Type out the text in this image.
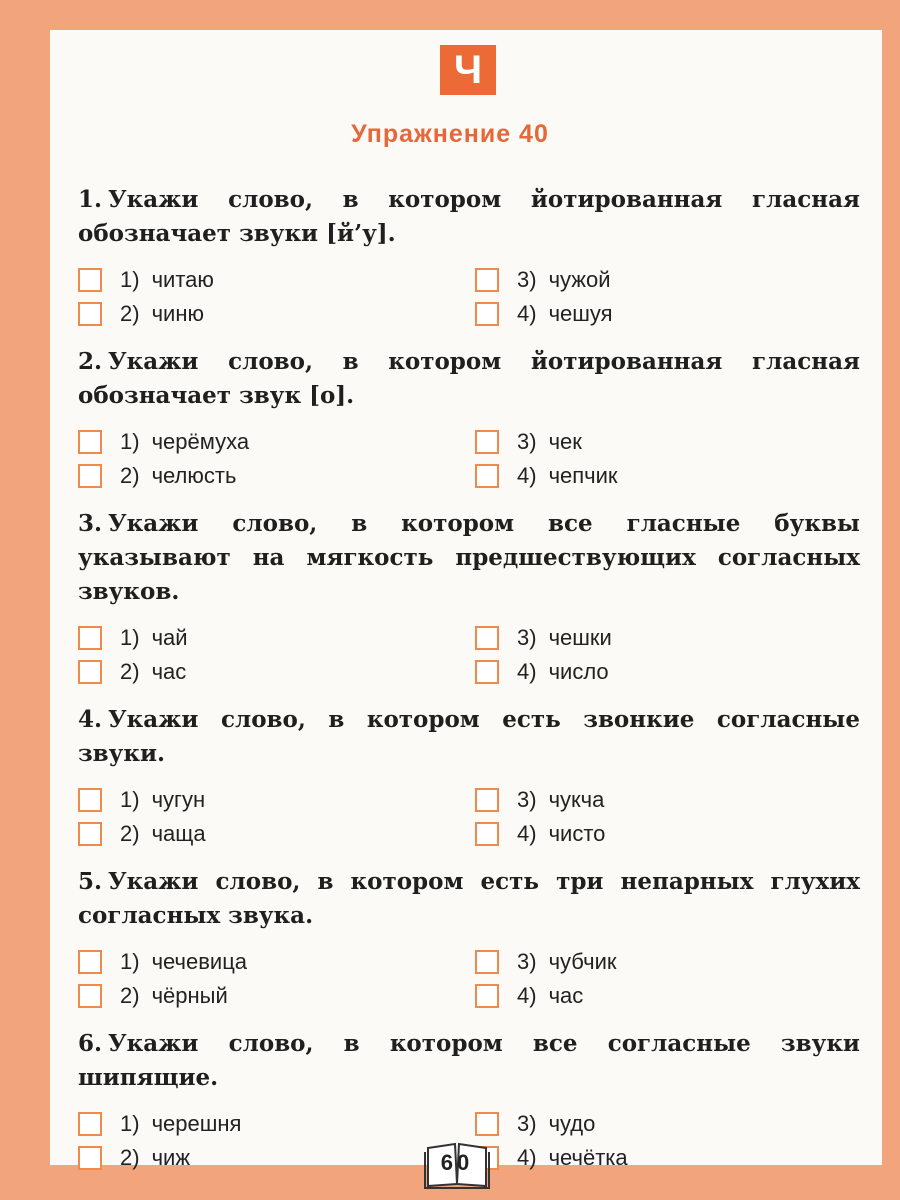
Ч
Упражнение 40
1. Укажи слово, в котором йотированная гласная обозначает звуки [й’у].
1) читаю	3) чужой
2) чиню	4) чешуя
2. Укажи слово, в котором йотированная гласная обозначает звук [о].
1) черёмуха	3) чек
2) челюсть	4) чепчик
3. Укажи слово, в котором все гласные буквы указывают на мягкость предшествующих согласных звуков.
1) чай	3) чешки
2) час	4) число
4. Укажи слово, в котором есть звонкие согласные звуки.
1) чугун	3) чукча
2) чаща	4) чисто
5. Укажи слово, в котором есть три непарных глухих согласных звука.
1) чечевица	3) чубчик
2) чёрный	4) час
6. Укажи слово, в котором все согласные звуки шипящие.
1) черешня	3) чудо
2) чиж	4) чечётка
60
